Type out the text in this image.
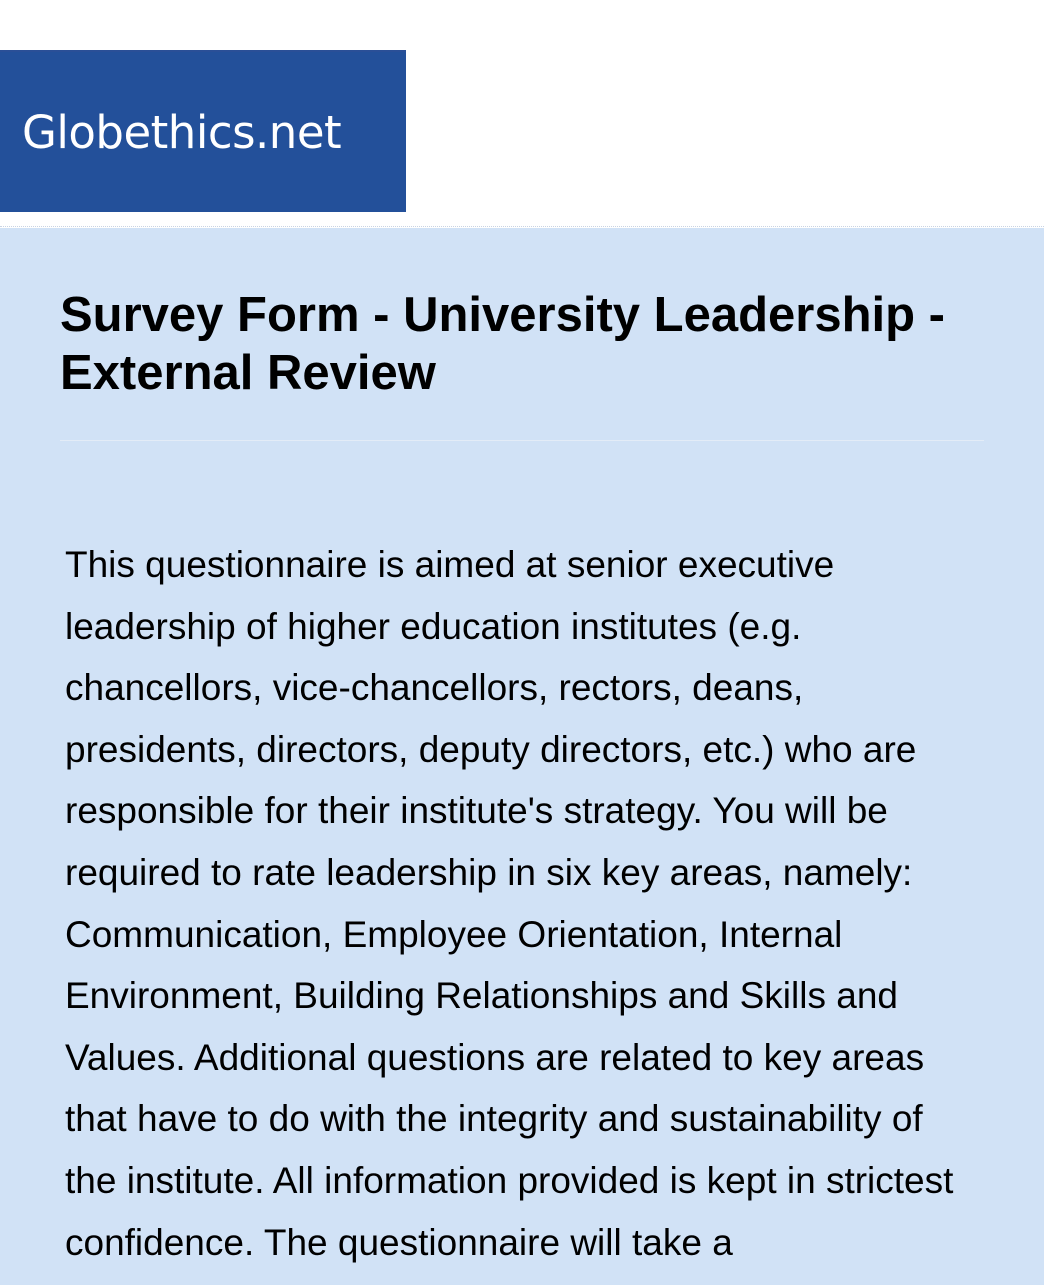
Globethics.net
Survey Form - University Leadership - External Review

This questionnaire is aimed at senior executive leadership of higher education institutes (e.g. chancellors, vice-chancellors, rectors, deans, presidents, directors, deputy directors, etc.) who are responsible for their institute's strategy. You will be required to rate leadership in six key areas, namely: Communication, Employee Orientation, Internal Environment, Building Relationships and Skills and Values. Additional questions are related to key areas that have to do with the integrity and sustainability of the institute. All information provided is kept in strictest confidence. The questionnaire will take a
